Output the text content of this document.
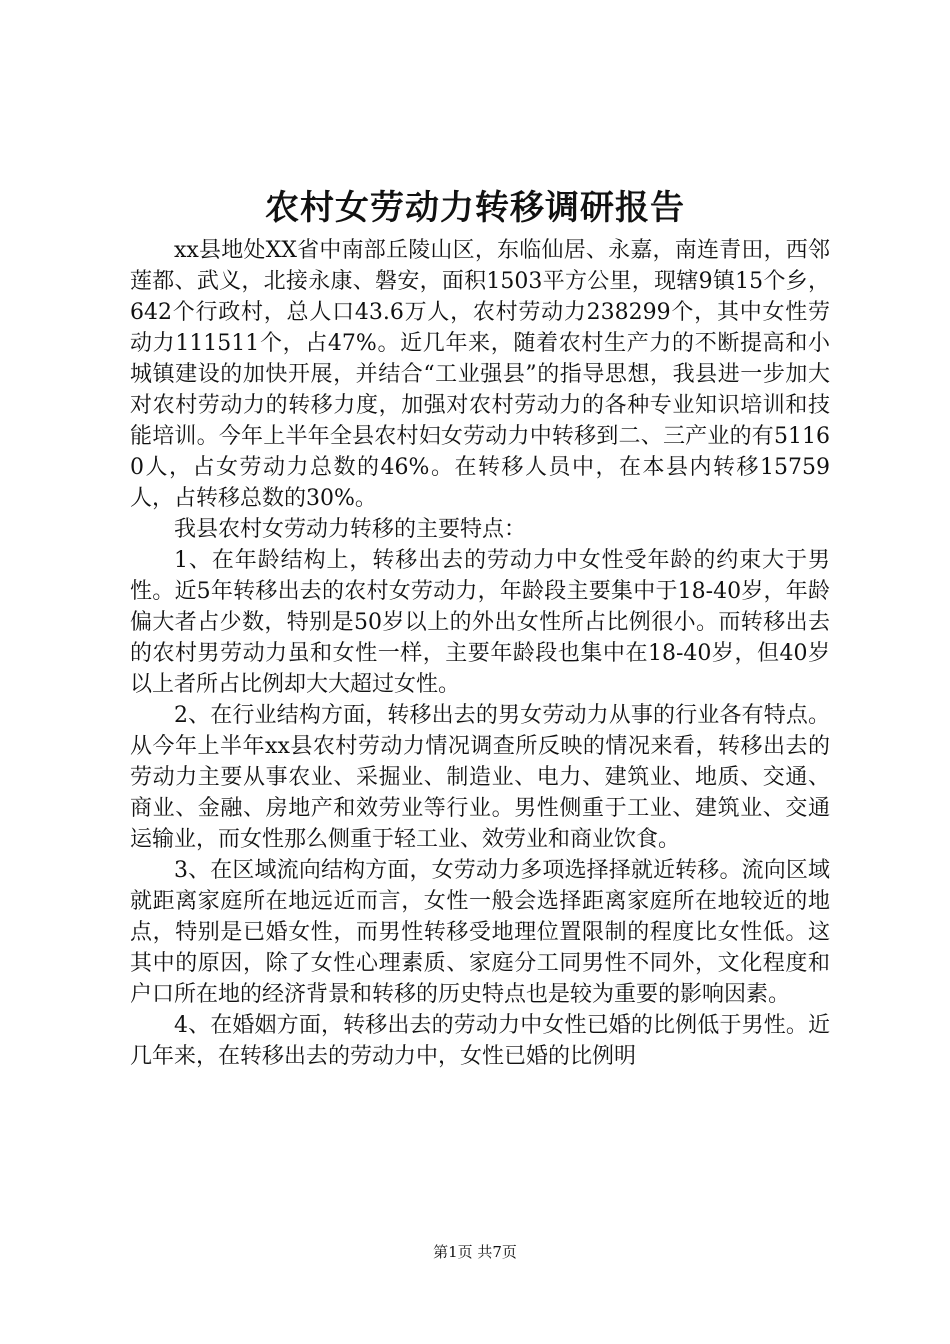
农村女劳动力转移调研报告

xx县地处XX省中南部丘陵山区，东临仙居、永嘉，南连青田，西邻莲都、武义，北接永康、磐安，面积1503平方公里，现辖9镇15个乡，642个行政村，总人口43.6万人，农村劳动力238299个，其中女性劳动力111511个，占47%。近几年来，随着农村生产力的不断提高和小城镇建设的加快开展，并结合“工业强县”的指导思想，我县进一步加大对农村劳动力的转移力度，加强对农村劳动力的各种专业知识培训和技能培训。今年上半年全县农村妇女劳动力中转移到二、三产业的有51160人，占女劳动力总数的46%。在转移人员中，在本县内转移15759人，占转移总数的30%。

我县农村女劳动力转移的主要特点：

1、在年龄结构上，转移出去的劳动力中女性受年龄的约束大于男性。近5年转移出去的农村女劳动力，年龄段主要集中于18-40岁，年龄偏大者占少数，特别是50岁以上的外出女性所占比例很小。而转移出去的农村男劳动力虽和女性一样，主要年龄段也集中在18-40岁，但40岁以上者所占比例却大大超过女性。

2、在行业结构方面，转移出去的男女劳动力从事的行业各有特点。从今年上半年xx县农村劳动力情况调查所反映的情况来看，转移出去的劳动力主要从事农业、采掘业、制造业、电力、建筑业、地质、交通、商业、金融、房地产和效劳业等行业。男性侧重于工业、建筑业、交通运输业，而女性那么侧重于轻工业、效劳业和商业饮食。

3、在区域流向结构方面，女劳动力多项选择择就近转移。流向区域就距离家庭所在地远近而言，女性一般会选择距离家庭所在地较近的地点，特别是已婚女性，而男性转移受地理位置限制的程度比女性低。这其中的原因，除了女性心理素质、家庭分工同男性不同外，文化程度和户口所在地的经济背景和转移的历史特点也是较为重要的影响因素。

4、在婚姻方面，转移出去的劳动力中女性已婚的比例低于男性。近几年来，在转移出去的劳动力中，女性已婚的比例明

第1页 共7页
